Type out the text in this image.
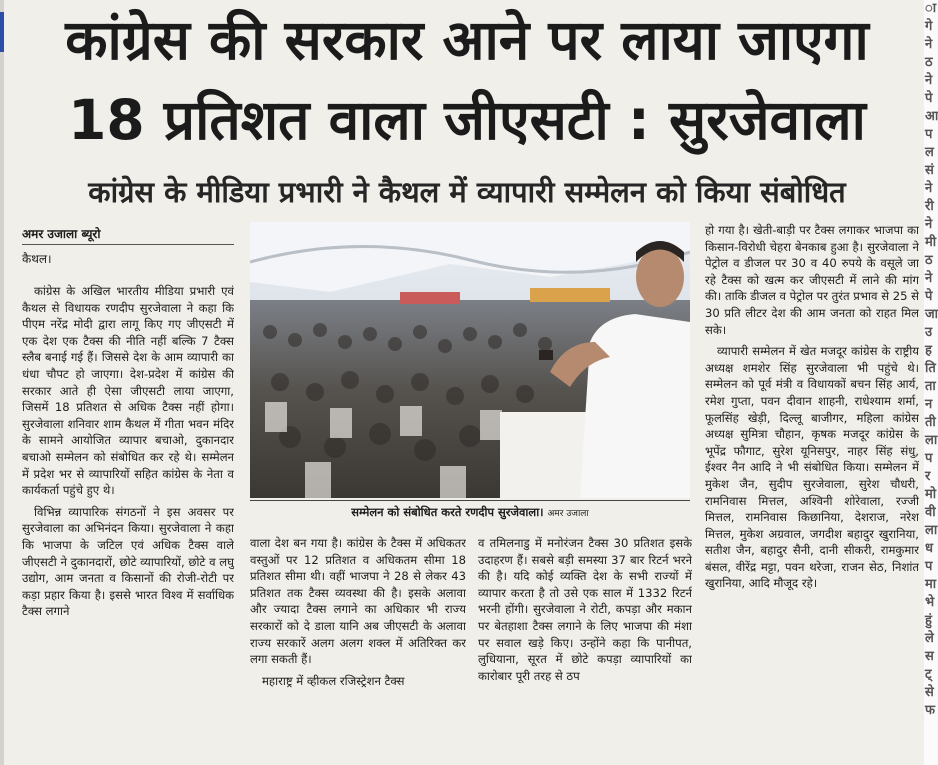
कांग्रेस की सरकार आने पर लाया जाएगा
18 प्रतिशत वाला जीएसटी : सुरजेवाला
कांग्रेस के मीडिया प्रभारी ने कैथल में व्यापारी सम्मेलन को किया संबोधित
अमर उजाला ब्यूरो
कैथल।

कांग्रेस के अखिल भारतीय मीडिया प्रभारी एवं कैथल से विधायक रणदीप सुरजेवाला ने कहा कि पीएम नरेंद्र मोदी द्वारा लागू किए गए जीएसटी में एक देश एक टैक्स की नीति नहीं बल्कि 7 टैक्स स्लैब बनाई गई हैं। जिससे देश के आम व्यापारी का धंधा चौपट हो जाएगा। देश-प्रदेश में कांग्रेस की सरकार आते ही ऐसा जीएसटी लाया जाएगा, जिसमें 18 प्रतिशत से अधिक टैक्स नहीं होगा। सुरजेवाला शनिवार शाम कैथल में गीता भवन मंदिर के सामने आयोजित व्यापार बचाओ, दुकानदार बचाओ सम्मेलन को संबोधित कर रहे थे। सम्मेलन में प्रदेश भर से व्यापारियों सहित कांग्रेस के नेता व कार्यकर्ता पहुंचे हुए थे।

विभिन्न व्यापारिक संगठनों ने इस अवसर पर सुरजेवाला का अभिनंदन किया। सुरजेवाला ने कहा कि भाजपा के जटिल एवं अधिक टैक्स वाले जीएसटी ने दुकानदारों, छोटे व्यापारियों, छोटे व लघु उद्योग, आम जनता व किसानों की रोजी-रोटी पर कड़ा प्रहार किया है। इससे भारत विश्व में सर्वाधिक टैक्स लगाने

सम्मेलन को संबोधित करते रणदीप सुरजेवाला। अमर उजाला

वाला देश बन गया है। कांग्रेस के टैक्स में अधिकतर वस्तुओं पर 12 प्रतिशत व अधिकतम सीमा 18 प्रतिशत सीमा थी। वहीं भाजपा ने 28 से लेकर 43 प्रतिशत तक टैक्स व्यवस्था की है। इसके अलावा और ज्यादा टैक्स लगाने का अधिकार भी राज्य सरकारों को दे डाला यानि अब जीएसटी के अलावा राज्य सरकारें अलग अलग शक्ल में अतिरिक्त कर लगा सकती हैं।

महाराष्ट्र में व्हीकल रजिस्ट्रेशन टैक्स

व तमिलनाडु में मनोरंजन टैक्स 30 प्रतिशत इसके उदाहरण हैं। सबसे बड़ी समस्या 37 बार रिटर्न भरने की है। यदि कोई व्यक्ति देश के सभी राज्यों में व्यापार करता है तो उसे एक साल में 1332 रिटर्न भरनी होंगी। सुरजेवाला ने रोटी, कपड़ा और मकान पर बेतहाशा टैक्स लगाने के लिए भाजपा की मंशा पर सवाल खड़े किए। उन्होंने कहा कि पानीपत, लुधियाना, सूरत में छोटे कपड़ा व्यापारियों का कारोबार पूरी तरह से ठप

हो गया है। खेती-बाड़ी पर टैक्स लगाकर भाजपा का किसान-विरोधी चेहरा बेनकाब हुआ है। सुरजेवाला ने पेट्रोल व डीजल पर 30 व 40 रुपये के वसूले जा रहे टैक्स को खत्म कर जीएसटी में लाने की मांग की। ताकि डीजल व पेट्रोल पर तुरंत प्रभाव से 25 से 30 प्रति लीटर देश की आम जनता को राहत मिल सके।

व्यापारी सम्मेलन में खेत मजदूर कांग्रेस के राष्ट्रीय अध्यक्ष शमशेर सिंह सुरजेवाला भी पहुंचे थे। सम्मेलन को पूर्व मंत्री व विधायकों बचन सिंह आर्य, रमेश गुप्ता, पवन दीवान शाहनी, राधेश्याम शर्मा, फूलसिंह खेड़ी, दिल्लू बाजीगर, महिला कांग्रेस अध्यक्ष सुमित्रा चौहान, कृषक मजदूर कांग्रेस के भूपेंद्र फौगाट, सुरेश यूनिसपुर, नाहर सिंह संधु, ईश्वर नैन आदि ने भी संबोधित किया। सम्मेलन में मुकेश जैन, सुदीप सुरजेवाला, सुरेश चौधरी, रामनिवास मित्तल, अश्विनी शोरेवाला, रज्जी मित्तल, रामनिवास किछानिया, देशराज, नरेश मित्तल, मुकेश अग्रवाल, जगदीश बहादुर खुरानिया, सतीश जैन, बहादुर सैनी, दानी सीकरी, रामकुमार बंसल, वीरेंद्र मट्टा, पवन थरेजा, राजन सेठ, निशांत खुरानिया, आदि मौजूद रहे।

ा
गे
ने
ठ
ने
पे
आ
प
ल
सं
ने
री
ने
मी
ठ
ने
पे
जा
उ
ह
ति
ता
न
ती
ला
प
र
मो
वी
ला
ध
प
मा
भे
हुं
ले
स
ट्
से
फ
